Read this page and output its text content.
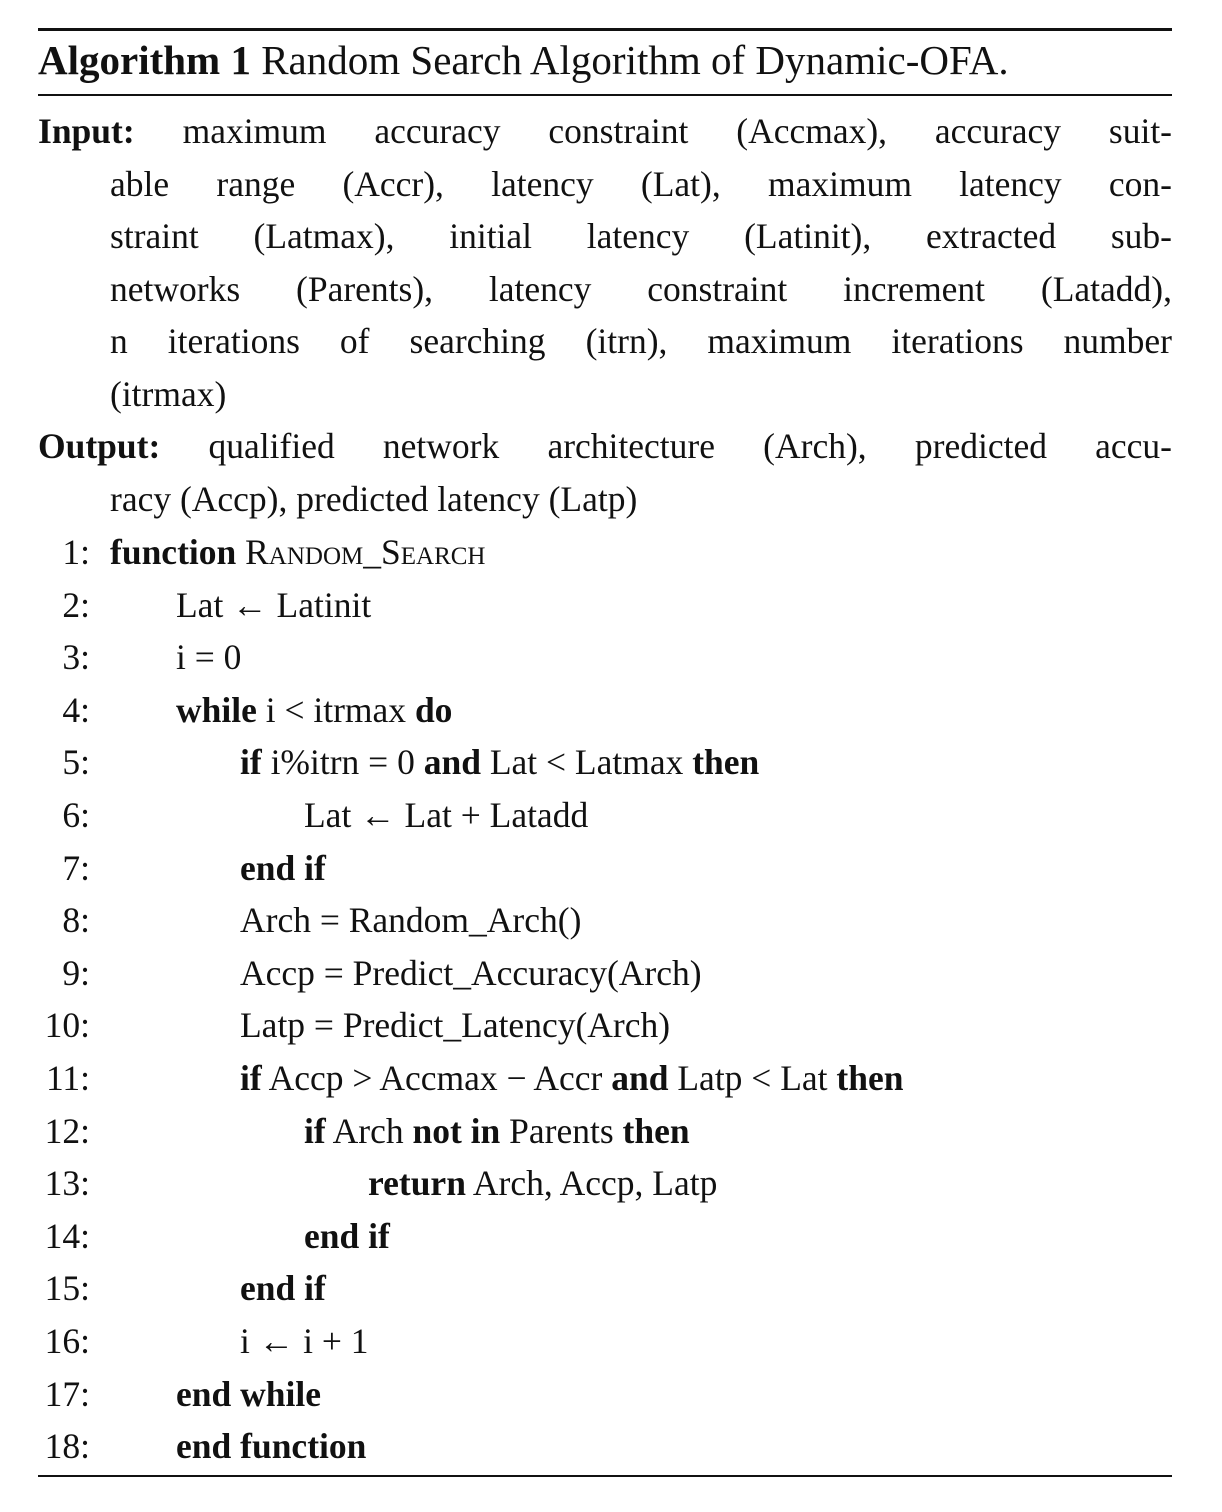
Algorithm 1 Random Search Algorithm of Dynamic-OFA.
Input: maximum accuracy constraint (Accmax), accuracy suit-
able range (Accr), latency (Lat), maximum latency con-
straint (Latmax), initial latency (Latinit), extracted sub-
networks (Parents), latency constraint increment (Latadd),
n iterations of searching (itrn), maximum iterations number
(itrmax)
Output: qualified network architecture (Arch), predicted accu-
racy (Accp), predicted latency (Latp)
1: function Random_Search
2:	Lat ← Latinit
3:	i = 0
4:	while i < itrmax do
5:	if i%itrn = 0 and Lat < Latmax then
6:	Lat ← Lat + Latadd
7:	end if
8:	Arch = Random_Arch()
9:	Accp = Predict_Accuracy(Arch)
10:	Latp = Predict_Latency(Arch)
11:	if Accp > Accmax − Accr and Latp < Lat then
12:	if Arch not in Parents then
13:	return Arch, Accp, Latp
14:	end if
15:	end if
16:	i ← i + 1
17:	end while
18:	end function
